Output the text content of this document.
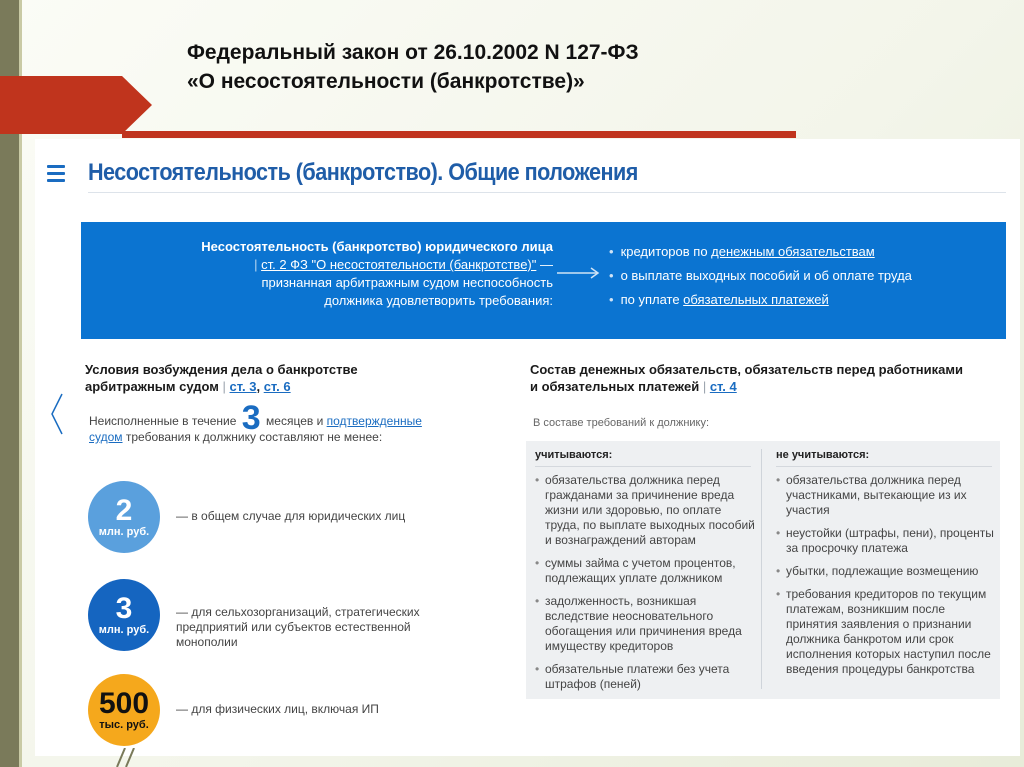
Федеральный закон от 26.10.2002 N 127-ФЗ
«О несостоятельности (банкротстве)»
Несостоятельность (банкротство). Общие положения
Несостоятельность (банкротство) юридического лица
| ст. 2 ФЗ "О несостоятельности (банкротстве)" —
признанная арбитражным судом неспособность
должника удовлетворить требования:
• кредиторов по денежным обязательствам
• о выплате выходных пособий и об оплате труда
• по уплате обязательных платежей
Условия возбуждения дела о банкротстве
арбитражным судом | ст. 3, ст. 6
Неисполненные в течение 3 месяцев и подтвержденные
судом требования к должнику составляют не менее:
2
млн. руб.
— в общем случае для юридических лиц
3
млн. руб.
— для сельхозорганизаций, стратегических
предприятий или субъектов естественной
монополии
500
тыс. руб.
— для физических лиц, включая ИП
Состав денежных обязательств, обязательств перед работниками
и обязательных платежей | ст. 4
В составе требований к должнику:
учитываются:	не учитываются:
• обязательства должника перед
гражданами за причинение вреда
жизни или здоровью, по оплате
труда, по выплате выходных пособий
и вознаграждений авторам
• суммы займа с учетом процентов,
подлежащих уплате должником
• задолженность, возникшая
вследствие неосновательного
обогащения или причинения вреда
имуществу кредиторов
• обязательные платежи без учета
штрафов (пеней)
• обязательства должника перед
участниками, вытекающие из их
участия
• неустойки (штрафы, пени), проценты
за просрочку платежа
• убытки, подлежащие возмещению
• требования кредиторов по текущим
платежам, возникшим после
принятия заявления о признании
должника банкротом или срок
исполнения которых наступил после
введения процедуры банкротства
